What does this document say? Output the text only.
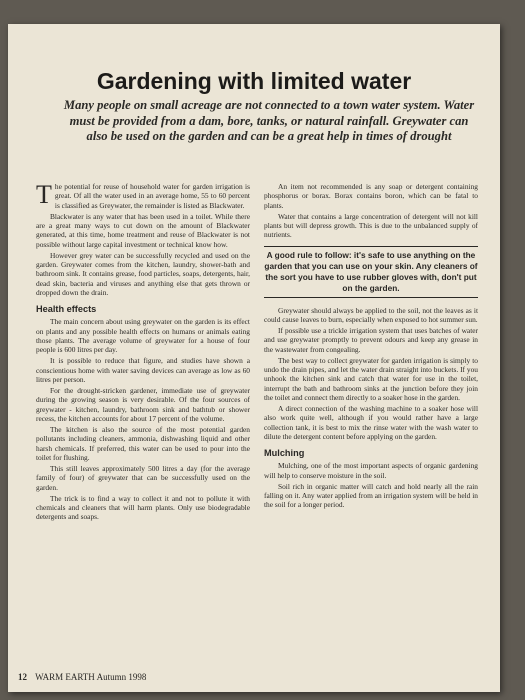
Gardening with limited water
Many people on small acreage are not connected to a town water system. Water must be provided from a dam, bore, tanks, or natural rainfall. Greywater can also be used on the garden and can be a great help in times of drought

The potential for reuse of household water for garden irrigation is great. Of all the water used in an average home, 55 to 60 percent is classified as Greywater, the remainder is listed as Blackwater.

Blackwater is any water that has been used in a toilet. While there are a great many ways to cut down on the amount of Blackwater generated, at this time, home treatment and reuse of Blackwater is not possible without large capital investment or technical know how.

However grey water can be successfully recycled and used on the garden. Greywater comes from the kitchen, laundry, shower-bath and bathroom sink. It contains grease, food particles, soaps, detergents, hair, dead skin, bacteria and viruses and anything else that gets thrown or dropped down the drain.

Health effects

The main concern about using greywater on the garden is its effect on plants and any possible health effects on humans or animals eating those plants. The average volume of greywater for a house of four people is 600 litres per day.

It is possible to reduce that figure, and studies have shown a conscientious home with water saving devices can average as low as 60 litres per person.

For the drought-stricken gardener, immediate use of greywater during the growing season is very desirable. Of the four sources of greywater - kitchen, laundry, bathroom sink and bathtub or shower recess, the kitchen accounts for about 17 percent of the volume.

The kitchen is also the source of the most potential garden pollutants including cleaners, ammonia, dishwashing liquid and other harsh chemicals. If preferred, this water can be used to pour into the toilet for flushing.

This still leaves approximately 500 litres a day (for the average family of four) of greywater that can be successfully used on the garden.

The trick is to find a way to collect it and not to pollute it with chemicals and cleaners that will harm plants. Only use biodegradable detergents and soaps.

An item not recommended is any soap or detergent containing phosphorus or borax. Borax contains boron, which can be fatal to plants.

Water that contains a large concentration of detergent will not kill plants but will depress growth. This is due to the unbalanced supply of nutrients.

A good rule to follow: it's safe to use anything on the garden that you can use on your skin. Any cleaners of the sort you have to use rubber gloves with, don't put on the garden.

Greywater should always be applied to the soil, not the leaves as it could cause leaves to burn, especially when exposed to hot summer sun.

If possible use a trickle irrigation system that uses batches of water and use greywater promptly to prevent odours and keep any grease in the wastewater from congealing.

The best way to collect greywater for garden irrigation is simply to undo the drain pipes, and let the water drain straight into buckets. If you unhook the kitchen sink and catch that water for use in the toilet, interrupt the bath and bathroom sinks at the junction before they join the toilet and connect them directly to a soaker hose in the garden.

A direct connection of the washing machine to a soaker hose will also work quite well, although if you would rather have a large collection tank, it is best to mix the rinse water with the wash water to dilute the detergent content before applying on the garden.

Mulching

Mulching, one of the most important aspects of organic gardening will help to conserve moisture in the soil.

Soil rich in organic matter will catch and hold nearly all the rain falling on it. Any water applied from an irrigation system will be held in the soil for a longer period.

12 WARM EARTH Autumn 1998
